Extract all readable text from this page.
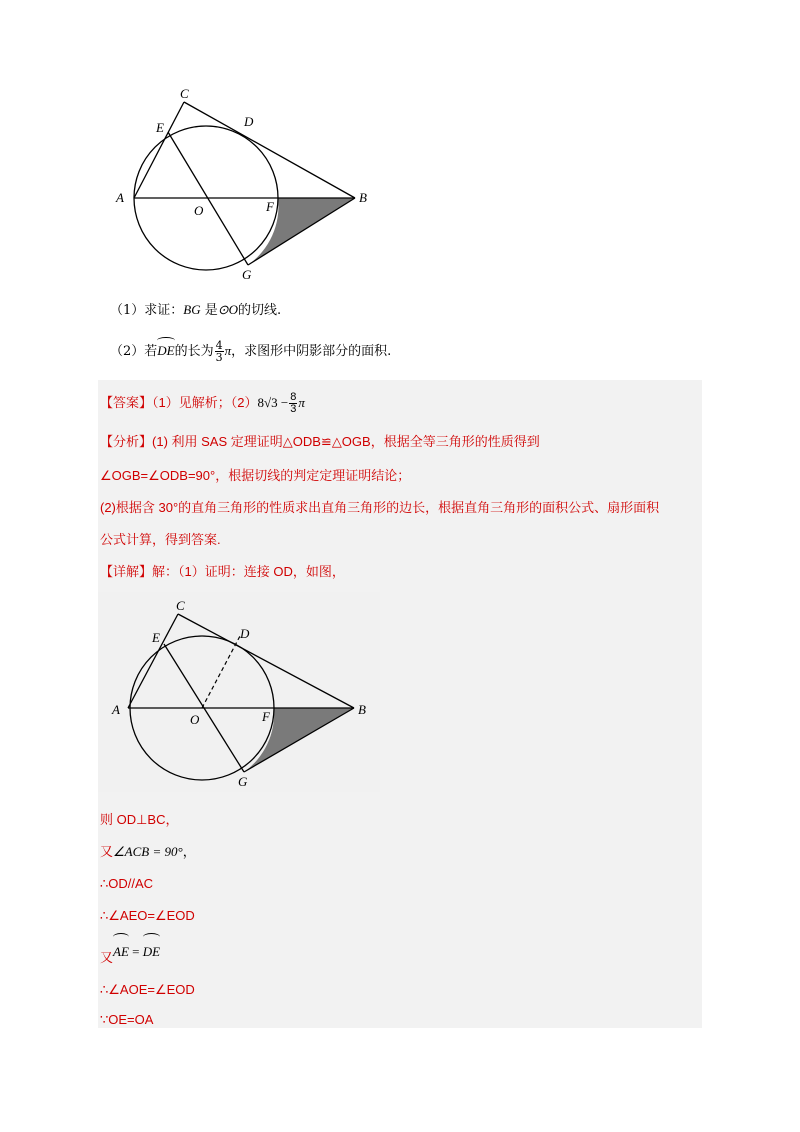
C
E	D
A
O	F
B
G
（1）求证：BG 是⊙O的切线.
（2）若DE的长为 $\frac{4}{3}$ π，求图形中阴影部分的面积.
【答案】（1）见解析；$(2)8√3 - \frac{8}{3}$ π
【分析】(1) 利用 SAS 定理证明△ODB≌△OGB，根据全等三角形的性质得到
∠OGB=∠ODB=90°，根据切线的判定定理证明结论；
(2)根据含 30°的直角三角形的性质求出直角三角形的边长，根据直角三角形的面积公式、扇形面积
公式计算，得到答案.
【详解】解：（1）证明：连接 OD，如图，
C
E	D
A
O	F	B
G
则 OD⊥BC，
又∠ACB = 90°，
∴OD//AC
∴∠AEO=∠EOD
又AE = DE
∴∠AOE=∠EOD
∵OE=OA
